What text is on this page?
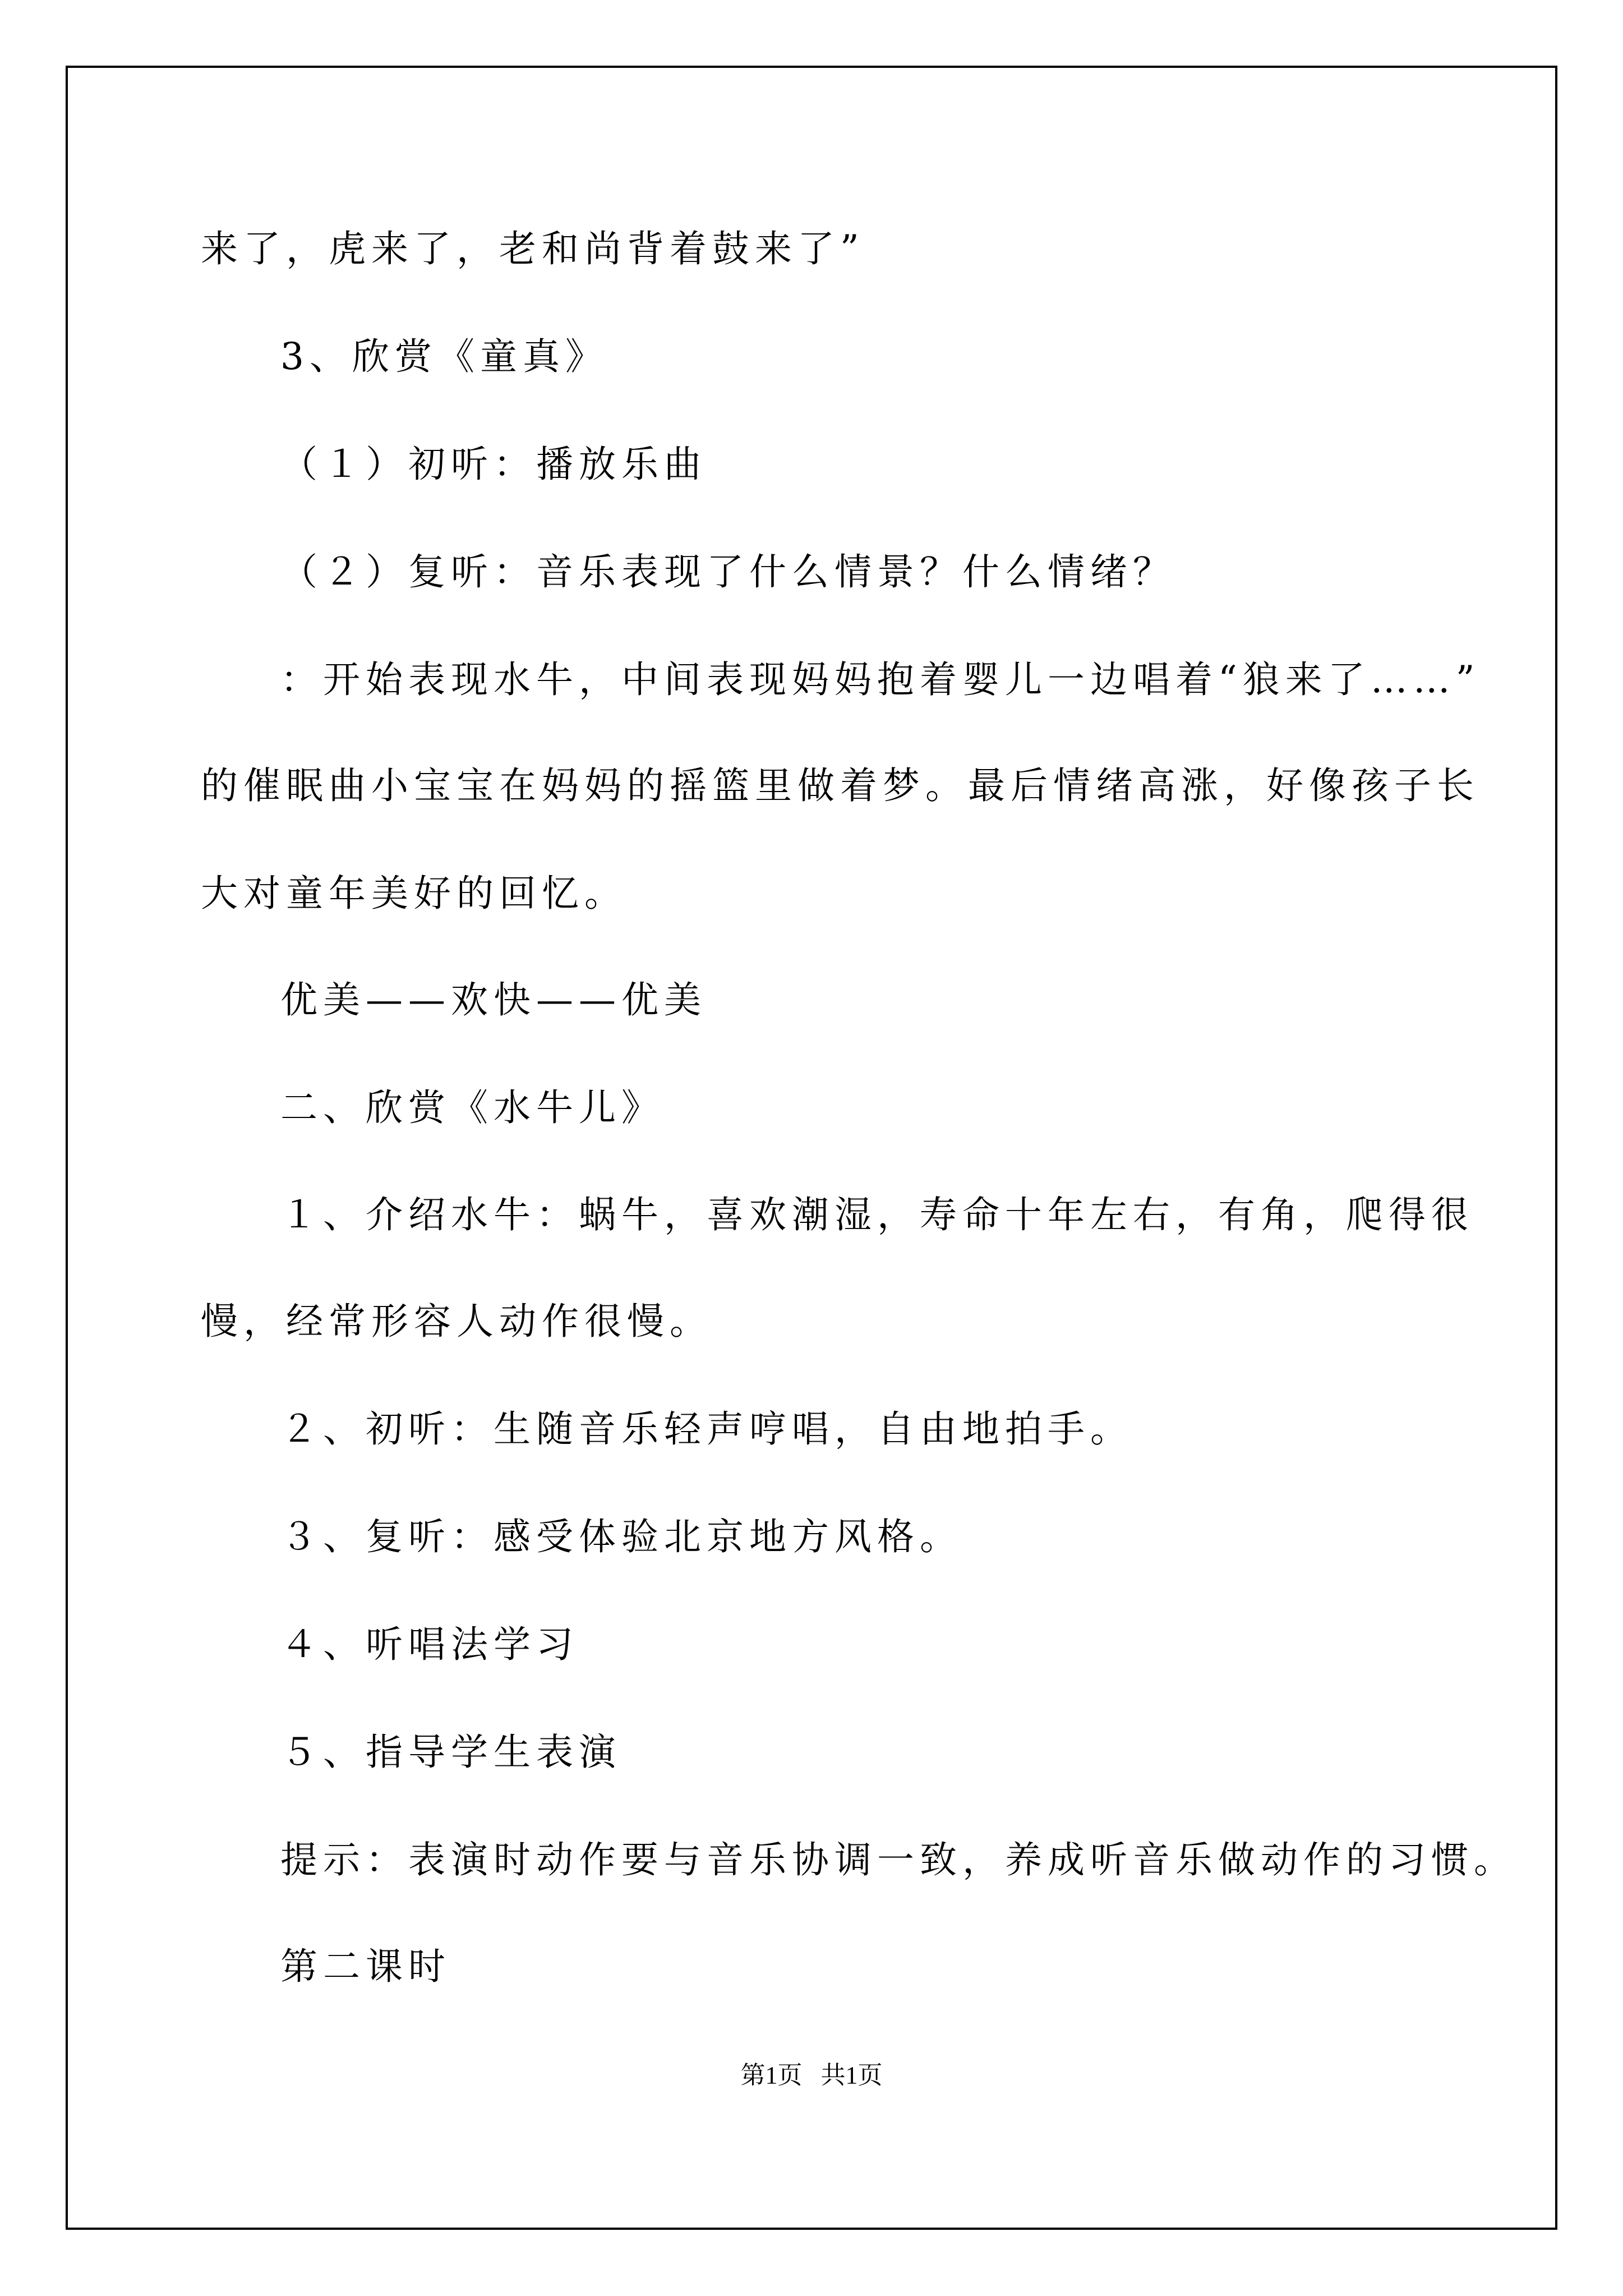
来了，虎来了，老和尚背着鼓来了”
3、欣赏《童真》
（１）初听：播放乐曲
（２）复听：音乐表现了什么情景？什么情绪？
：开始表现水牛，中间表现妈妈抱着婴儿一边唱着“狼来了……”
的催眠曲小宝宝在妈妈的摇篮里做着梦。最后情绪高涨，好像孩子长
大对童年美好的回忆。
优美——欢快——优美
二、欣赏《水牛儿》
１、介绍水牛：蜗牛，喜欢潮湿，寿命十年左右，有角，爬得很
慢，经常形容人动作很慢。
２、初听：生随音乐轻声哼唱，自由地拍手。
３、复听：感受体验北京地方风格。
４、听唱法学习
５、指导学生表演
提示：表演时动作要与音乐协调一致，养成听音乐做动作的习惯。
第二课时
第1页   共1页
